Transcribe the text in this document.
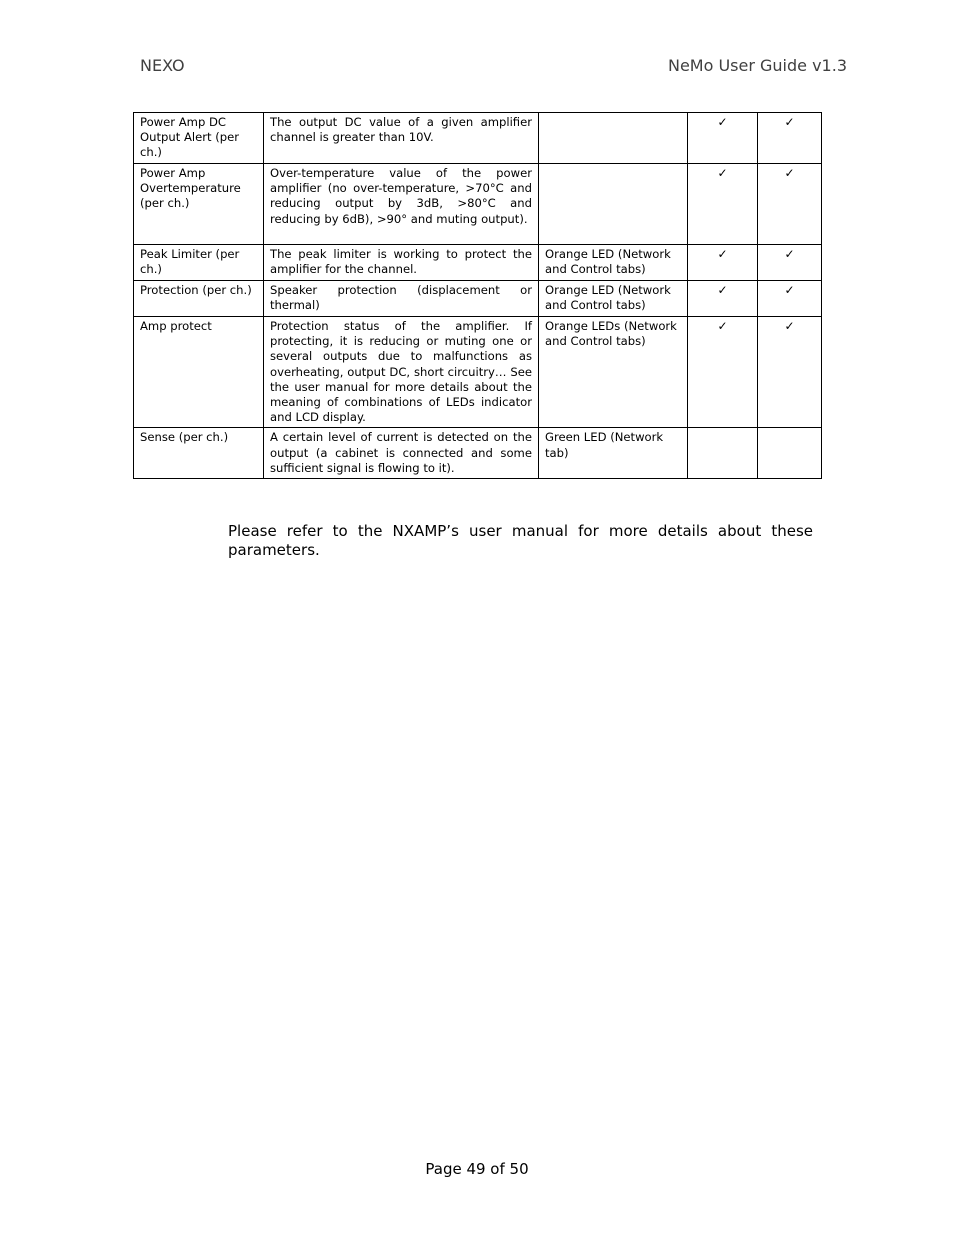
NEXO	NeMo User Guide v1.3
Power Amp DC Output Alert (per ch.)	The output DC value of a given amplifier channel is greater than 10V.		✓	✓
Power Amp Overtemperature (per ch.)	Over-temperature value of the power amplifier (no over-temperature, >70°C and reducing output by 3dB, >80°C and reducing by 6dB), >90° and muting output).		✓	✓
Peak Limiter (per ch.)	The peak limiter is working to protect the amplifier for the channel.	Orange LED (Network and Control tabs)	✓	✓
Protection (per ch.)	Speaker protection (displacement or thermal)	Orange LED (Network and Control tabs)	✓	✓
Amp protect	Protection status of the amplifier. If protecting, it is reducing or muting one or several outputs due to malfunctions as overheating, output DC, short circuitry… See the user manual for more details about the meaning of combinations of LEDs indicator and LCD display.	Orange LEDs (Network and Control tabs)	✓	✓
Sense (per ch.)	A certain level of current is detected on the output (a cabinet is connected and some sufficient signal is flowing to it).	Green LED (Network tab)		

Please refer to the NXAMP’s user manual for more details about these parameters.

Page 49 of 50
